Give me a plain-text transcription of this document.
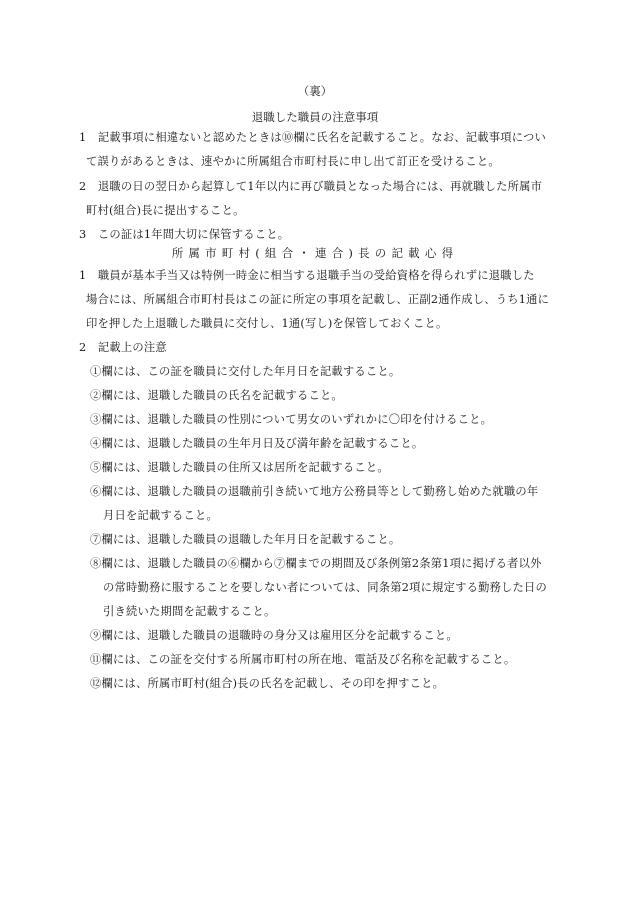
（裏）
退職した職員の注意事項
1　記載事項に相違ないと認めたときは⑩欄に氏名を記載すること。なお、記載事項につい
て誤りがあるときは、速やかに所属組合市町村長に申し出て訂正を受けること。
2　退職の日の翌日から起算して1年以内に再び職員となった場合には、再就職した所属市
町村(組合)長に提出すること。
3　この証は1年間大切に保管すること。
所属市町村(組合・連合)長の記載心得
1　職員が基本手当又は特例一時金に相当する退職手当の受給資格を得られずに退職した
場合には、所属組合市町村長はこの証に所定の事項を記載し、正副2通作成し、うち1通に
印を押した上退職した職員に交付し、1通(写し)を保管しておくこと。
2　記載上の注意
①欄には、この証を職員に交付した年月日を記載すること。
②欄には、退職した職員の氏名を記載すること。
③欄には、退職した職員の性別について男女のいずれかに〇印を付けること。
④欄には、退職した職員の生年月日及び満年齢を記載すること。
⑤欄には、退職した職員の住所又は居所を記載すること。
⑥欄には、退職した職員の退職前引き続いて地方公務員等として勤務し始めた就職の年
月日を記載すること。
⑦欄には、退職した職員の退職した年月日を記載すること。
⑧欄には、退職した職員の⑥欄から⑦欄までの期間及び条例第2条第1項に掲げる者以外
の常時勤務に服することを要しない者については、同条第2項に規定する勤務した日の
引き続いた期間を記載すること。
⑨欄には、退職した職員の退職時の身分又は雇用区分を記載すること。
⑪欄には、この証を交付する所属市町村の所在地、電話及び名称を記載すること。
⑫欄には、所属市町村(組合)長の氏名を記載し、その印を押すこと。
